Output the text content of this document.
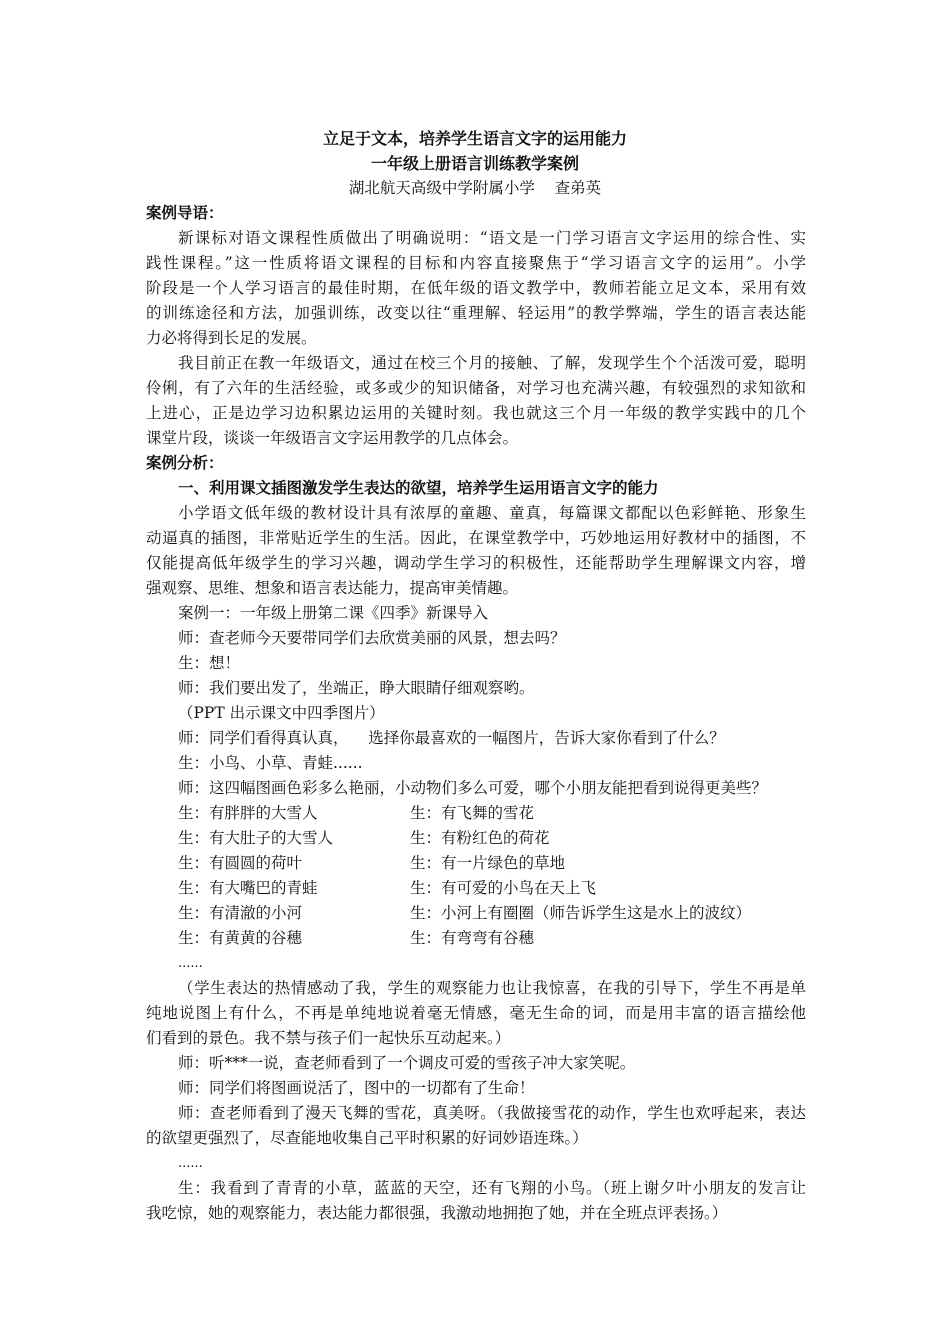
立足于文本，培养学生语言文字的运用能力
一年级上册语言训练教学案例
湖北航天高级中学附属小学    查弟英
案例导语：
新课标对语文课程性质做出了明确说明：“语文是一门学习语言文字运用的综合性、实
践性课程。”这一性质将语文课程的目标和内容直接聚焦于“学习语言文字的运用”。小学
阶段是一个人学习语言的最佳时期，在低年级的语文教学中，教师若能立足文本，采用有效
的训练途径和方法，加强训练，改变以往“重理解、轻运用”的教学弊端，学生的语言表达能
力必将得到长足的发展。
我目前正在教一年级语文，通过在校三个月的接触、了解，发现学生个个活泼可爱，聪明
伶俐，有了六年的生活经验，或多或少的知识储备，对学习也充满兴趣，有较强烈的求知欲和
上进心，正是边学习边积累边运用的关键时刻。我也就这三个月一年级的教学实践中的几个
课堂片段，谈谈一年级语言文字运用教学的几点体会。
案例分析：
一、利用课文插图激发学生表达的欲望，培养学生运用语言文字的能力
小学语文低年级的教材设计具有浓厚的童趣、童真，每篇课文都配以色彩鲜艳、形象生
动逼真的插图，非常贴近学生的生活。因此，在课堂教学中，巧妙地运用好教材中的插图，不
仅能提高低年级学生的学习兴趣，调动学生学习的积极性，还能帮助学生理解课文内容，增
强观察、思维、想象和语言表达能力，提高审美情趣。
案例一：一年级上册第二课《四季》新课导入
师：查老师今天要带同学们去欣赏美丽的风景，想去吗？
生：想！
师：我们要出发了，坐端正，睁大眼睛仔细观察哟。
（PPT 出示课文中四季图片）
师：同学们看得真认真，    选择你最喜欢的一幅图片，告诉大家你看到了什么？
生：小鸟、小草、青蛙......
师：这四幅图画色彩多么艳丽，小动物们多么可爱，哪个小朋友能把看到说得更美些？
生：有胖胖的大雪人	生：有飞舞的雪花
生：有大肚子的大雪人	生：有粉红色的荷花
生：有圆圆的荷叶	生：有一片绿色的草地
生：有大嘴巴的青蛙	生：有可爱的小鸟在天上飞
生：有清澈的小河	生：小河上有圈圈（师告诉学生这是水上的波纹）
生：有黄黄的谷穗	生：有弯弯有谷穗
......
（学生表达的热情感动了我，学生的观察能力也让我惊喜，在我的引导下，学生不再是单
纯地说图上有什么，不再是单纯地说着毫无情感，毫无生命的词，而是用丰富的语言描绘他
们看到的景色。我不禁与孩子们一起快乐互动起来。）
师：听***一说，查老师看到了一个调皮可爱的雪孩子冲大家笑呢。
师：同学们将图画说活了，图中的一切都有了生命！
师：查老师看到了漫天飞舞的雪花，真美呀。（我做接雪花的动作，学生也欢呼起来，表达
的欲望更强烈了，尽查能地收集自己平时积累的好词妙语连珠。）
......
生：我看到了青青的小草，蓝蓝的天空，还有飞翔的小鸟。（班上谢夕叶小朋友的发言让
我吃惊，她的观察能力，表达能力都很强，我激动地拥抱了她，并在全班点评表扬。）
